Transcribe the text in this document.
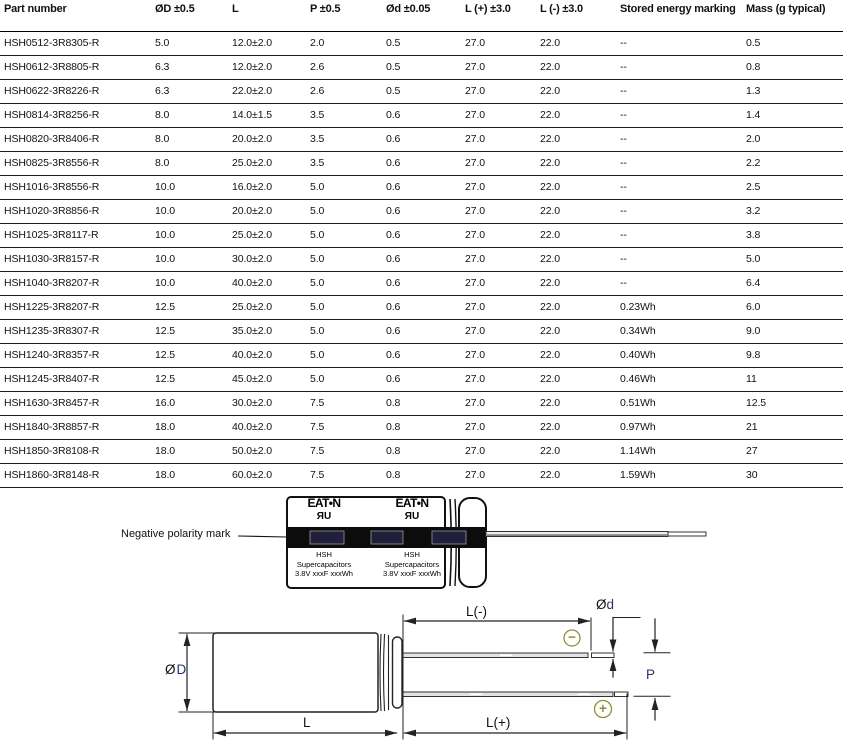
Part number	ØD ±0.5	L	P ±0.5	Ød ±0.05	L (+) ±3.0	L (-) ±3.0	Stored energy marking	Mass (g typical)
HSH0512-3R8305-R	5.0	12.0±2.0	2.0	0.5	27.0	22.0	--	0.5
HSH0612-3R8805-R	6.3	12.0±2.0	2.6	0.5	27.0	22.0	--	0.8
HSH0622-3R8226-R	6.3	22.0±2.0	2.6	0.5	27.0	22.0	--	1.3
HSH0814-3R8256-R	8.0	14.0±1.5	3.5	0.6	27.0	22.0	--	1.4
HSH0820-3R8406-R	8.0	20.0±2.0	3.5	0.6	27.0	22.0	--	2.0
HSH0825-3R8556-R	8.0	25.0±2.0	3.5	0.6	27.0	22.0	--	2.2
HSH1016-3R8556-R	10.0	16.0±2.0	5.0	0.6	27.0	22.0	--	2.5
HSH1020-3R8856-R	10.0	20.0±2.0	5.0	0.6	27.0	22.0	--	3.2
HSH1025-3R8117-R	10.0	25.0±2.0	5.0	0.6	27.0	22.0	--	3.8
HSH1030-3R8157-R	10.0	30.0±2.0	5.0	0.6	27.0	22.0	--	5.0
HSH1040-3R8207-R	10.0	40.0±2.0	5.0	0.6	27.0	22.0	--	6.4
HSH1225-3R8207-R	12.5	25.0±2.0	5.0	0.6	27.0	22.0	0.23Wh	6.0
HSH1235-3R8307-R	12.5	35.0±2.0	5.0	0.6	27.0	22.0	0.34Wh	9.0
HSH1240-3R8357-R	12.5	40.0±2.0	5.0	0.6	27.0	22.0	0.40Wh	9.8
HSH1245-3R8407-R	12.5	45.0±2.0	5.0	0.6	27.0	22.0	0.46Wh	11
HSH1630-3R8457-R	16.0	30.0±2.0	7.5	0.8	27.0	22.0	0.51Wh	12.5
HSH1840-3R8857-R	18.0	40.0±2.0	7.5	0.8	27.0	22.0	0.97Wh	21
HSH1850-3R8108-R	18.0	50.0±2.0	7.5	0.8	27.0	22.0	1.14Wh	27
HSH1860-3R8148-R	18.0	60.0±2.0	7.5	0.8	27.0	22.0	1.59Wh	30
Ø D
L	L(+)
L(-)	Ø d
P
−
+
Negative polarity mark
EAT•N
ЯU
HSH
Supercapacitors
3.8V xxxF xxxWh
EAT•N
ЯU
HSH
Supercapacitors
3.8V xxxF xxxWh
